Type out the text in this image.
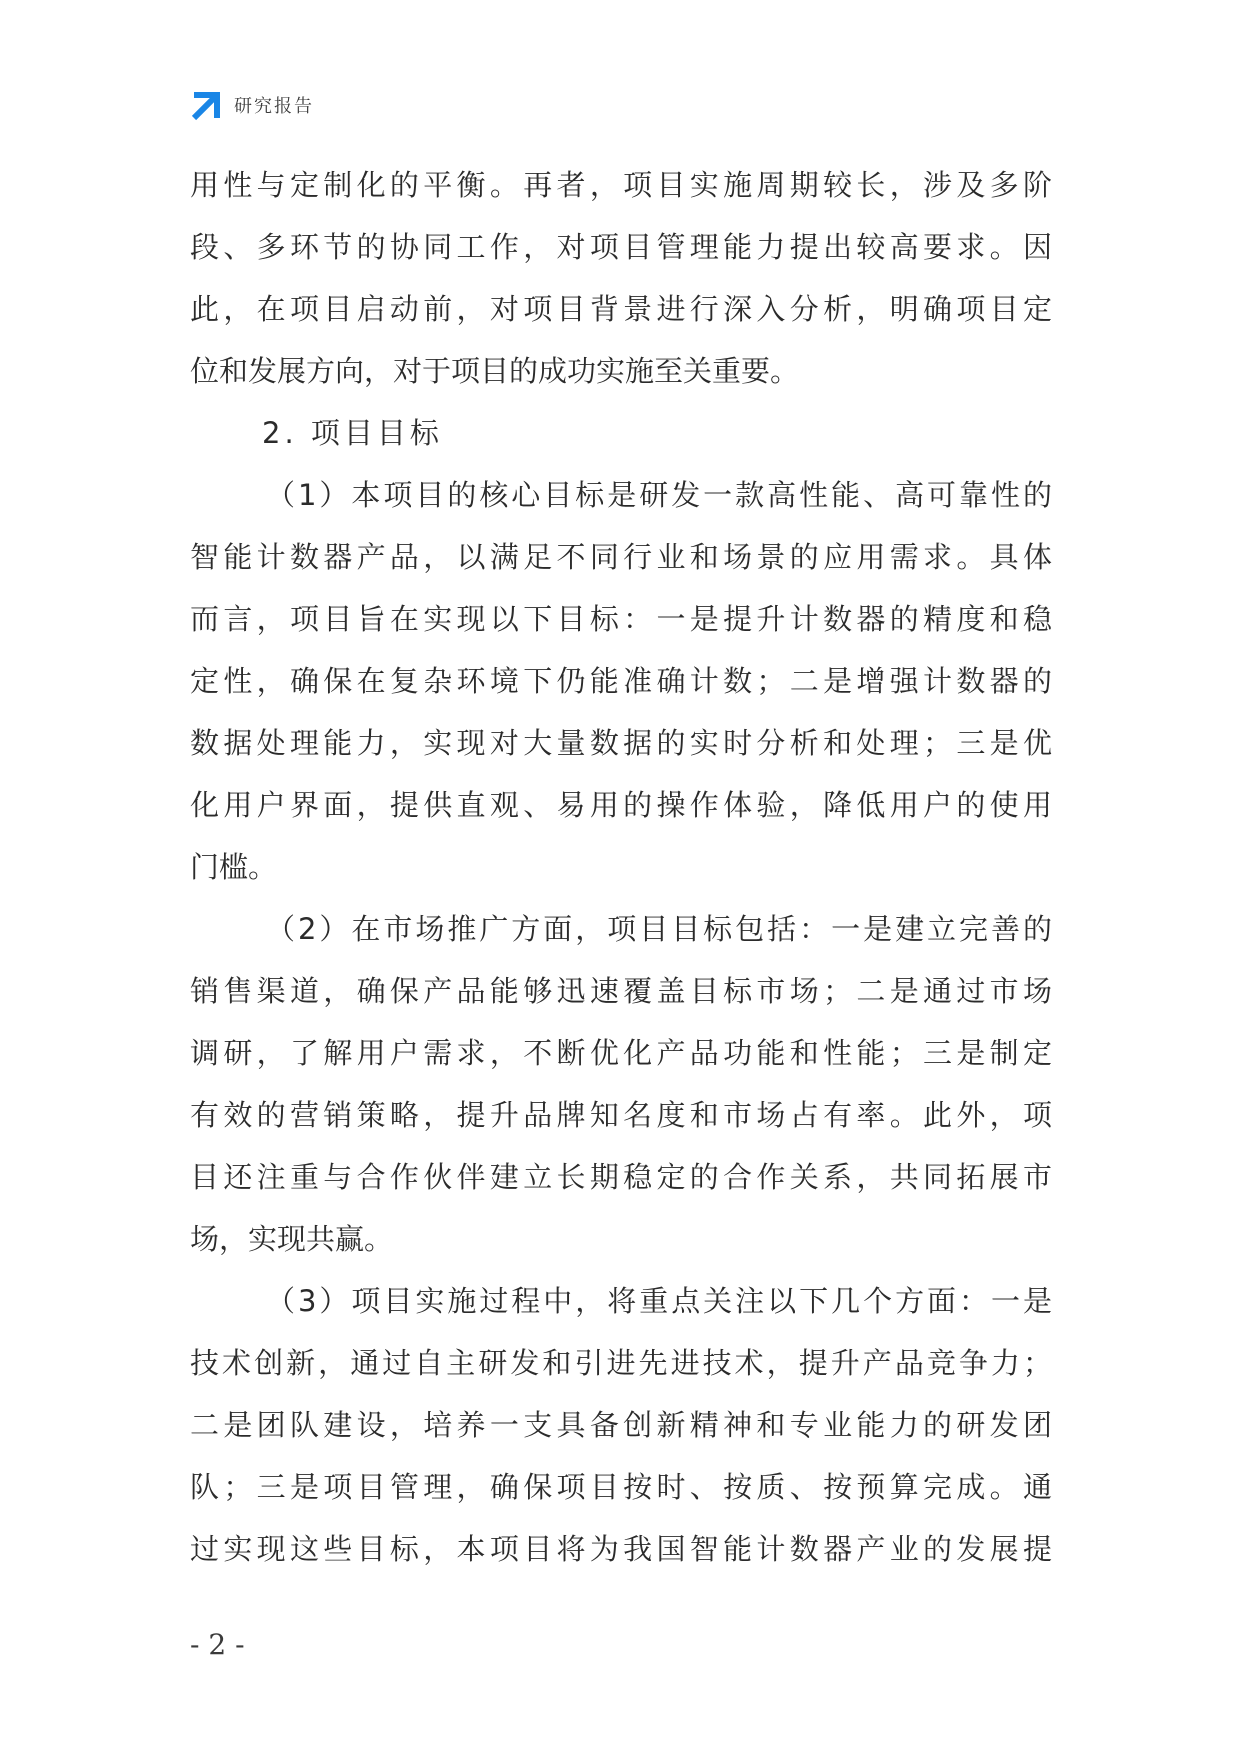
研究报告
用性与定制化的平衡。再者，项目实施周期较长，涉及多阶
段、多环节的协同工作，对项目管理能力提出较高要求。因
此，在项目启动前，对项目背景进行深入分析，明确项目定
位和发展方向，对于项目的成功实施至关重要。
2. 项目目标
（1）本项目的核心目标是研发一款高性能、高可靠性的
智能计数器产品，以满足不同行业和场景的应用需求。具体
而言，项目旨在实现以下目标：一是提升计数器的精度和稳
定性，确保在复杂环境下仍能准确计数；二是增强计数器的
数据处理能力，实现对大量数据的实时分析和处理；三是优
化用户界面，提供直观、易用的操作体验，降低用户的使用
门槛。
（2）在市场推广方面，项目目标包括：一是建立完善的
销售渠道，确保产品能够迅速覆盖目标市场；二是通过市场
调研，了解用户需求，不断优化产品功能和性能；三是制定
有效的营销策略，提升品牌知名度和市场占有率。此外，项
目还注重与合作伙伴建立长期稳定的合作关系，共同拓展市
场，实现共赢。
（3）项目实施过程中，将重点关注以下几个方面：一是
技术创新，通过自主研发和引进先进技术，提升产品竞争力；
二是团队建设，培养一支具备创新精神和专业能力的研发团
队；三是项目管理，确保项目按时、按质、按预算完成。通
过实现这些目标，本项目将为我国智能计数器产业的发展提
- 2 -
